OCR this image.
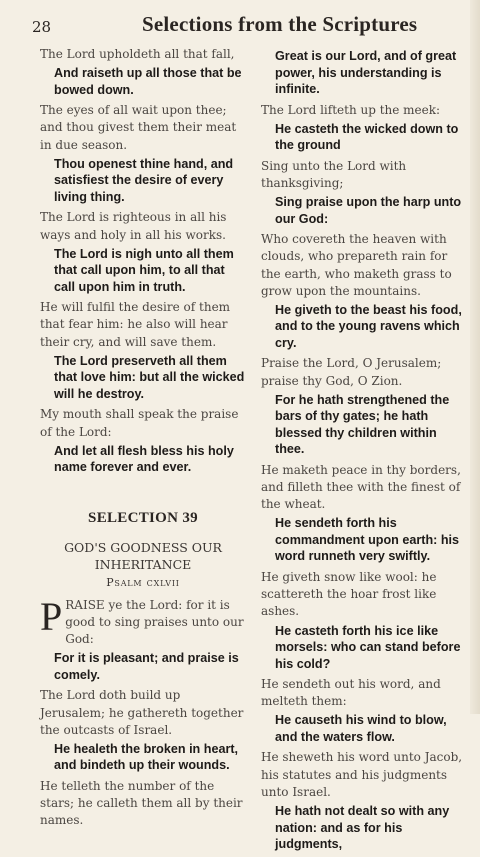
28	Selections from the Scriptures

The Lord upholdeth all that fall,

And raiseth up all those that be bowed down.

The eyes of all wait upon thee; and thou givest them their meat in due season.

Thou openest thine hand, and satisfiest the desire of every living thing.

The Lord is righteous in all his ways and holy in all his works.

The Lord is nigh unto all them that call upon him, to all that call upon him in truth.

He will fulfil the desire of them that fear him: he also will hear their cry, and will save them.

The Lord preserveth all them that love him: but all the wicked will he destroy.

My mouth shall speak the praise of the Lord:

And let all flesh bless his holy name forever and ever.

SELECTION 39

GOD'S GOODNESS OUR INHERITANCE

Psalm cxlvii

PRAISE ye the Lord: for it is good to sing praises unto our God:

For it is pleasant; and praise is comely.

The Lord doth build up Jerusalem; he gathereth together the outcasts of Israel.

He healeth the broken in heart, and bindeth up their wounds.

He telleth the number of the stars; he calleth them all by their names.

Great is our Lord, and of great power, his understanding is infinite.

The Lord lifteth up the meek:

He casteth the wicked down to the ground

Sing unto the Lord with thanksgiving;

Sing praise upon the harp unto our God:

Who covereth the heaven with clouds, who prepareth rain for the earth, who maketh grass to grow upon the mountains.

He giveth to the beast his food, and to the young ravens which cry.

Praise the Lord, O Jerusalem; praise thy God, O Zion.

For he hath strengthened the bars of thy gates; he hath blessed thy children within thee.

He maketh peace in thy borders, and filleth thee with the finest of the wheat.

He sendeth forth his commandment upon earth: his word runneth very swiftly.

He giveth snow like wool: he scattereth the hoar frost like ashes.

He casteth forth his ice like morsels: who can stand before his cold?

He sendeth out his word, and melteth them:

He causeth his wind to blow, and the waters flow.

He sheweth his word unto Jacob, his statutes and his judgments unto Israel.

He hath not dealt so with any nation: and as for his judgments,
